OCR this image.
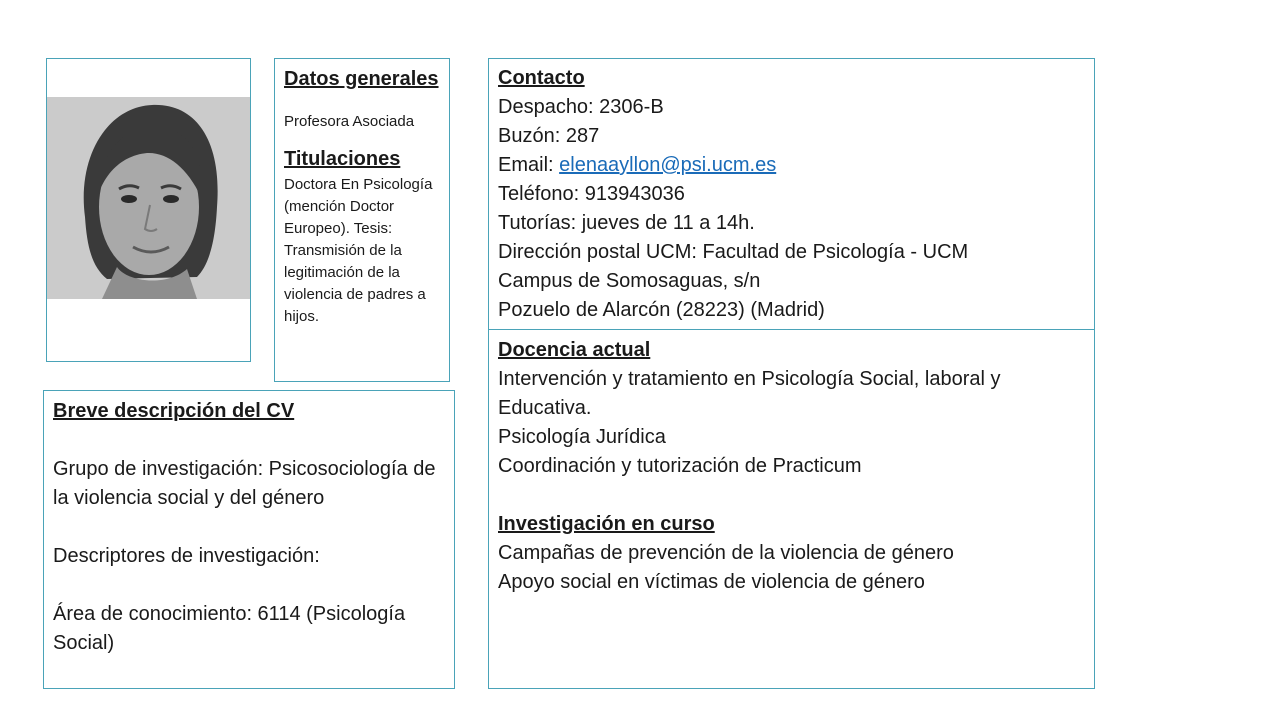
Datos generales
Profesora Asociada
Titulaciones
Doctora En Psicología (mención Doctor Europeo). Tesis: Transmisión de la legitimación de la violencia de padres a hijos.
Contacto
Despacho: 2306-B
Buzón: 287
Email: elenaayllon@psi.ucm.es
Teléfono: 913943036
Tutorías: jueves de 11 a 14h.
Dirección postal UCM: Facultad de Psicología - UCM
Campus de Somosaguas, s/n
Pozuelo de Alarcón (28223) (Madrid)
Docencia actual
Intervención y tratamiento en Psicología Social, laboral y Educativa.
Psicología Jurídica
Coordinación y tutorización de Practicum
Investigación en curso
Campañas de prevención de la violencia de género
Apoyo social en víctimas de violencia de género
Breve descripción del CV
Grupo de investigación: Psicosociología de la violencia social y del género
Descriptores de investigación:
Área de conocimiento: 6114 (Psicología Social)
